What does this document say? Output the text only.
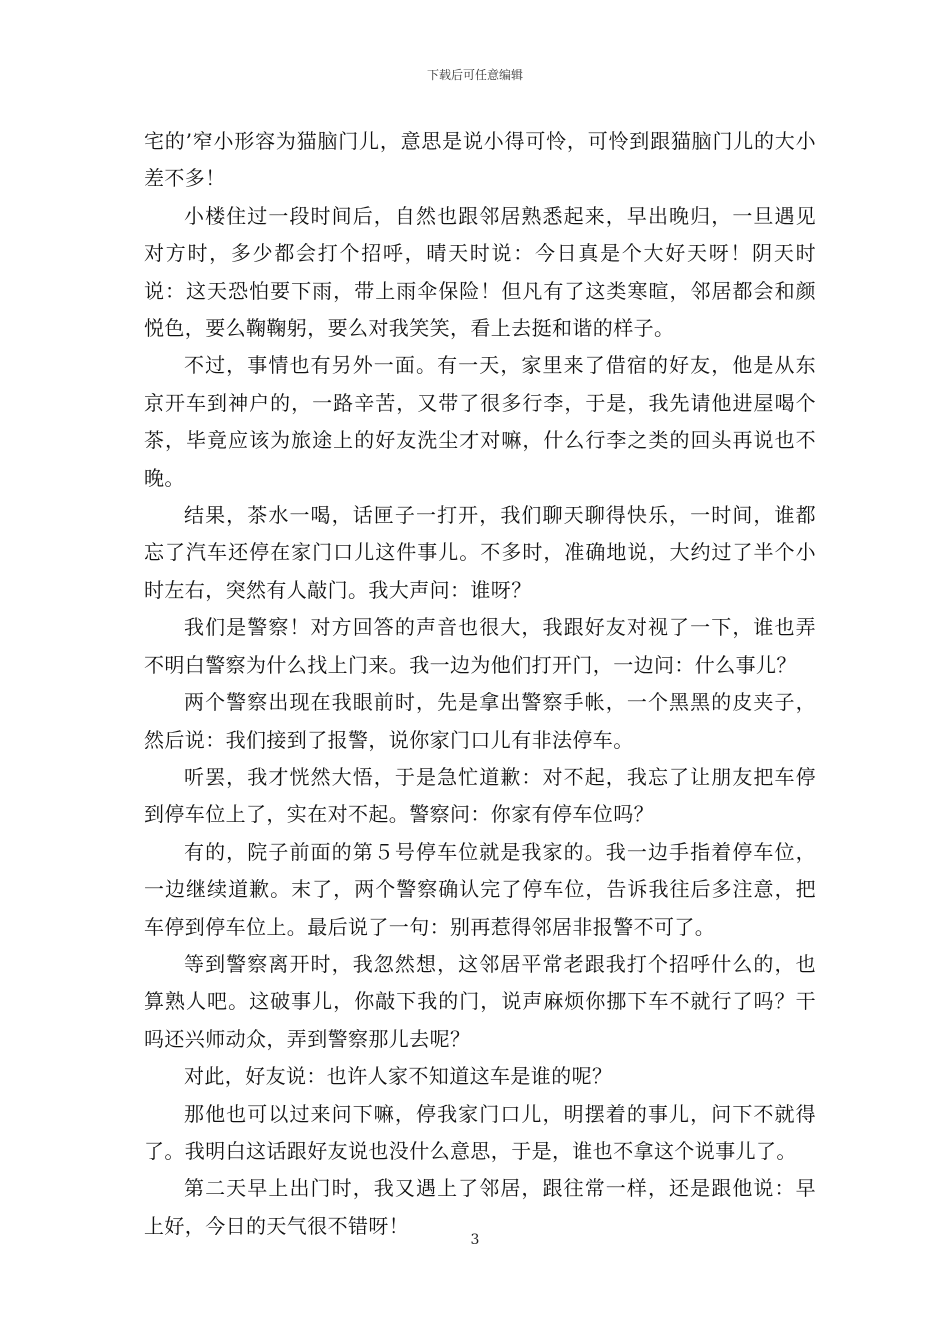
下载后可任意编辑

宅的’窄小形容为猫脑门儿，意思是说小得可怜，可怜到跟猫脑门儿的大小差不多！

小楼住过一段时间后，自然也跟邻居熟悉起来，早出晚归，一旦遇见对方时，多少都会打个招呼，晴天时说：今日真是个大好天呀！阴天时说：这天恐怕要下雨，带上雨伞保险！但凡有了这类寒暄，邻居都会和颜悦色，要么鞠鞠躬，要么对我笑笑，看上去挺和谐的样子。

不过，事情也有另外一面。有一天，家里来了借宿的好友，他是从东京开车到神户的，一路辛苦，又带了很多行李，于是，我先请他进屋喝个茶，毕竟应该为旅途上的好友洗尘才对嘛，什么行李之类的回头再说也不晚。

结果，茶水一喝，话匣子一打开，我们聊天聊得快乐，一时间，谁都忘了汽车还停在家门口儿这件事儿。不多时，准确地说，大约过了半个小时左右，突然有人敲门。我大声问：谁呀？

我们是警察！对方回答的声音也很大，我跟好友对视了一下，谁也弄不明白警察为什么找上门来。我一边为他们打开门，一边问：什么事儿？

两个警察出现在我眼前时，先是拿出警察手帐，一个黑黑的皮夹子，然后说：我们接到了报警，说你家门口儿有非法停车。

听罢，我才恍然大悟，于是急忙道歉：对不起，我忘了让朋友把车停到停车位上了，实在对不起。警察问：你家有停车位吗？

有的，院子前面的第５号停车位就是我家的。我一边手指着停车位，一边继续道歉。末了，两个警察确认完了停车位，告诉我往后多注意，把车停到停车位上。最后说了一句：别再惹得邻居非报警不可了。

等到警察离开时，我忽然想，这邻居平常老跟我打个招呼什么的，也算熟人吧。这破事儿，你敲下我的门，说声麻烦你挪下车不就行了吗？干吗还兴师动众，弄到警察那儿去呢？

对此，好友说：也许人家不知道这车是谁的呢？

那他也可以过来问下嘛，停我家门口儿，明摆着的事儿，问下不就得了。我明白这话跟好友说也没什么意思，于是，谁也不拿这个说事儿了。

第二天早上出门时，我又遇上了邻居，跟往常一样，还是跟他说：早上好，今日的天气很不错呀！

3
